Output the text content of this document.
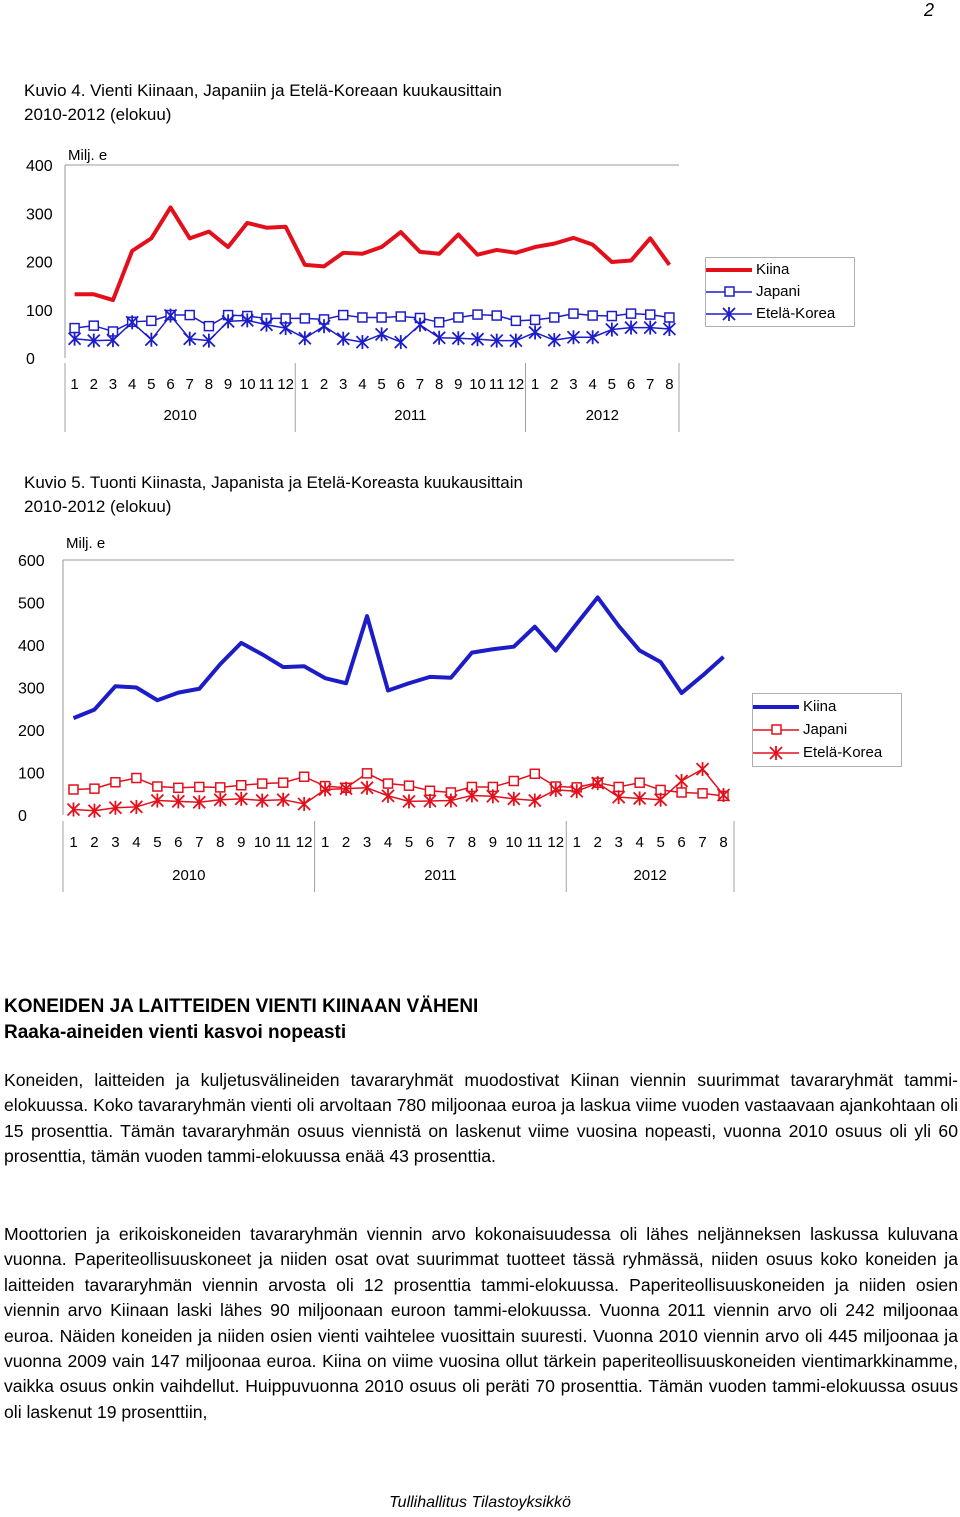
2
Kuvio 4. Vienti Kiinaan, Japaniin ja Etelä-Koreaan kuukausittain
2010-2012 (elokuu)
0
100
200
300
400
Milj. e
1 2 3 4 5 6 7 8 9 10 11 12 1 2 3 4 5 6 7 8 9 10 11 12 1 2 3 4 5 6 7 8
2010	2011	2012
Kiina
Japani
Etelä-Korea
Kuvio 5. Tuonti Kiinasta, Japanista ja Etelä-Koreasta kuukausittain
2010-2012 (elokuu)
0
100
200
300
400
500
600
Milj. e
1 2 3 4 5 6 7 8 9 10 11 12 1 2 3 4 5 6 7 8 9 10 11 12 1 2 3 4 5 6 7 8
2010	2011	2012
Kiina
Japani
Etelä-Korea
KONEIDEN JA LAITTEIDEN VIENTI KIINAAN VÄHENI
Raaka-aineiden vienti kasvoi nopeasti
Koneiden, laitteiden ja kuljetusvälineiden tavararyhmät muodostivat Kiinan viennin suurimmat tavararyhmät tammi-elokuussa. Koko tavararyhmän vienti oli arvoltaan 780 miljoonaa euroa ja laskua viime vuoden vastaavaan ajankohtaan oli 15 prosenttia. Tämän tavararyhmän osuus viennistä on laskenut viime vuosina nopeasti, vuonna 2010 osuus oli yli 60 prosenttia, tämän vuoden tammi-elokuussa enää 43 prosenttia.
Moottorien ja erikoiskoneiden tavararyhmän viennin arvo kokonaisuudessa oli lähes neljänneksen laskussa kuluvana vuonna. Paperiteollisuuskoneet ja niiden osat ovat suurimmat tuotteet tässä ryhmässä, niiden osuus koko koneiden ja laitteiden tavararyhmän viennin arvosta oli 12 prosenttia tammi-elokuussa. Paperiteollisuuskoneiden ja niiden osien viennin arvo Kiinaan laski lähes 90 miljoonaan euroon tammi-elokuussa. Vuonna 2011 viennin arvo oli 242 miljoonaa euroa. Näiden koneiden ja niiden osien vienti vaihtelee vuosittain suuresti. Vuonna 2010 viennin arvo oli 445 miljoonaa ja vuonna 2009 vain 147 miljoonaa euroa. Kiina on viime vuosina ollut tärkein paperiteollisuuskoneiden vientimarkkinamme, vaikka osuus onkin vaihdellut. Huippuvuonna 2010 osuus oli peräti 70 prosenttia. Tämän vuoden tammi-elokuussa osuus oli laskenut 19 prosenttiin,
Tullihallitus Tilastoyksikkö
